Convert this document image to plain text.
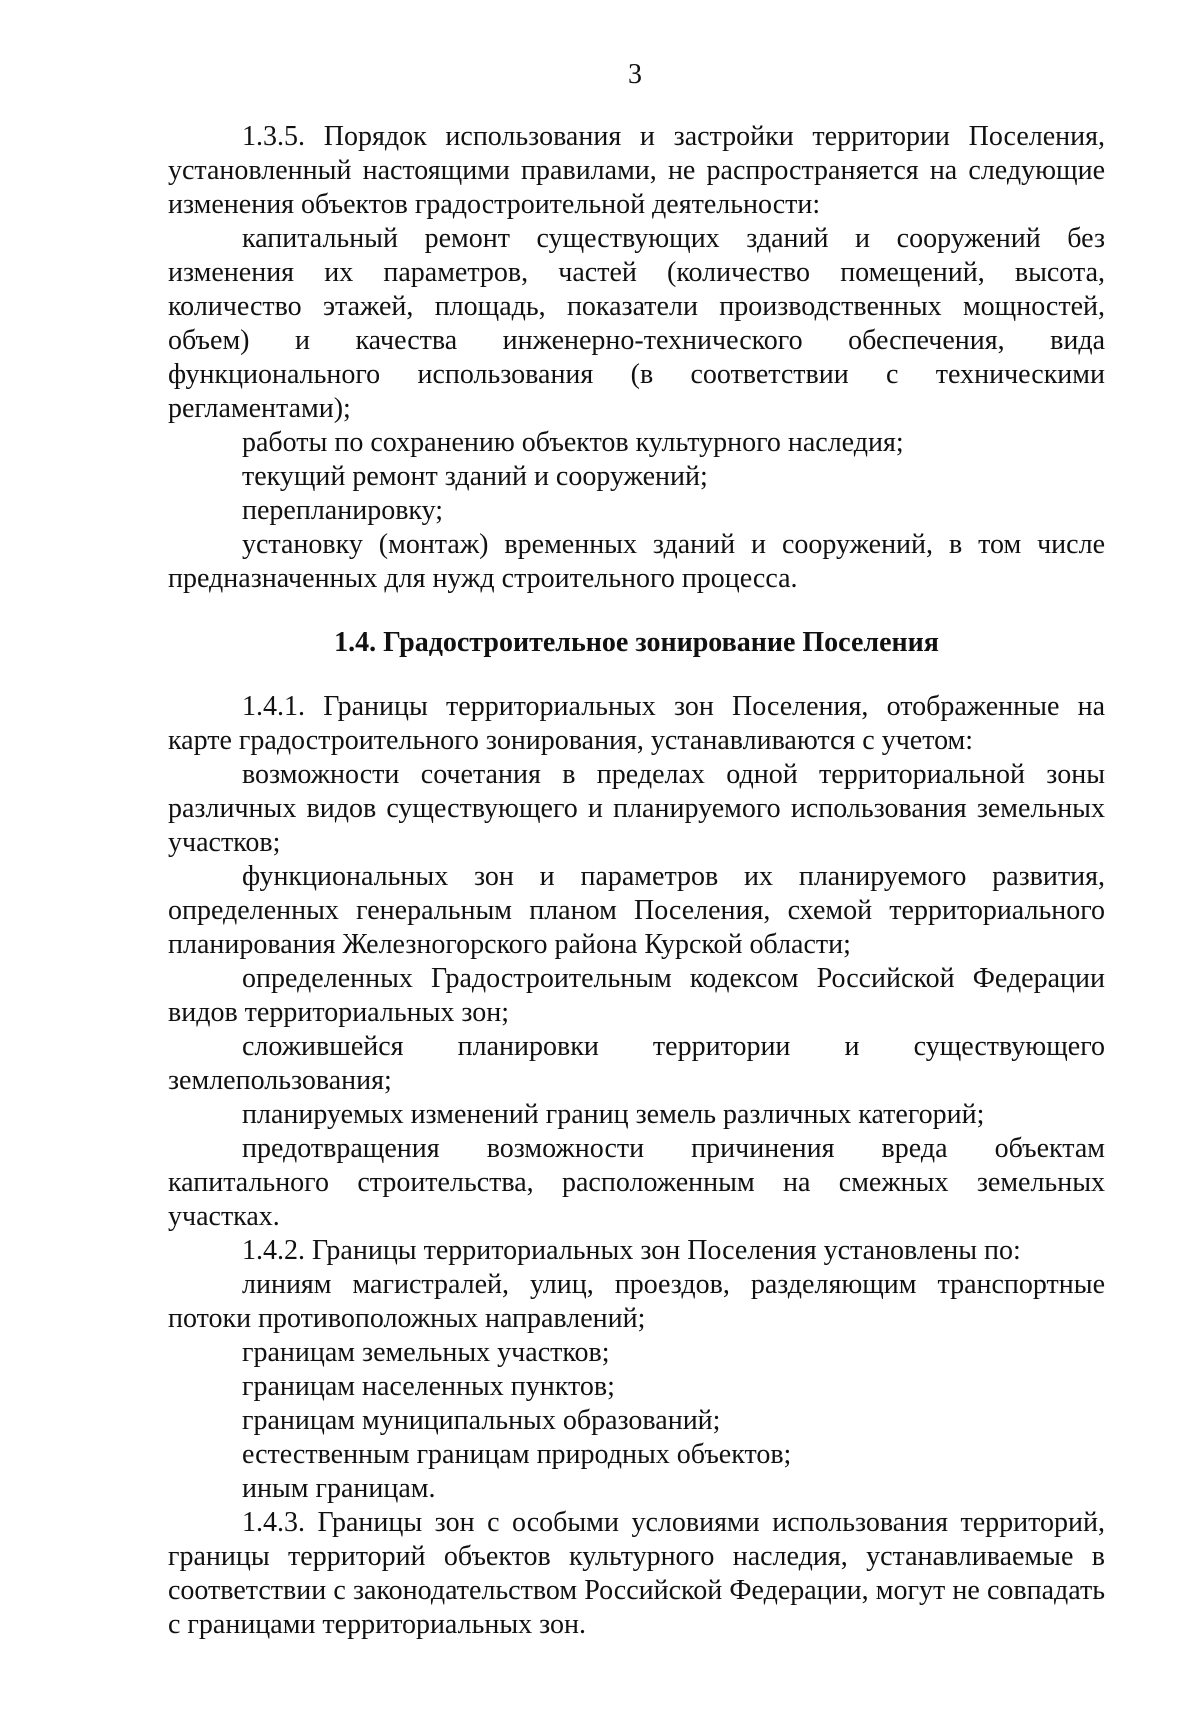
3

1.3.5. Порядок использования и застройки территории Поселения, установленный настоящими правилами, не распространяется на следующие изменения объектов градостроительной деятельности:

капитальный ремонт существующих зданий и сооружений без изменения их параметров, частей (количество помещений, высота, количество этажей, площадь, показатели производственных мощностей, объем) и качества инженерно-технического обеспечения, вида функционального использования (в соответствии с техническими регламентами);

работы по сохранению объектов культурного наследия;

текущий ремонт зданий и сооружений;

перепланировку;

установку (монтаж) временных зданий и сооружений, в том числе предназначенных для нужд строительного процесса.

1.4. Градостроительное зонирование Поселения

1.4.1. Границы территориальных зон Поселения, отображенные на карте градостроительного зонирования, устанавливаются с учетом:

возможности сочетания в пределах одной территориальной зоны различных видов существующего и планируемого использования земельных участков;

функциональных зон и параметров их планируемого развития, определенных генеральным планом Поселения, схемой территориального планирования Железногорского района Курской области;

определенных Градостроительным кодексом Российской Федерации видов территориальных зон;

сложившейся планировки территории и существующего землепользования;

планируемых изменений границ земель различных категорий;

предотвращения возможности причинения вреда объектам капитального строительства, расположенным на смежных земельных участках.

1.4.2. Границы территориальных зон Поселения установлены по:

линиям магистралей, улиц, проездов, разделяющим транспортные потоки противоположных направлений;

границам земельных участков;

границам населенных пунктов;

границам муниципальных образований;

естественным границам природных объектов;

иным границам.

1.4.3. Границы зон с особыми условиями использования территорий, границы территорий объектов культурного наследия, устанавливаемые в соответствии с законодательством Российской Федерации, могут не совпадать с границами территориальных зон.
